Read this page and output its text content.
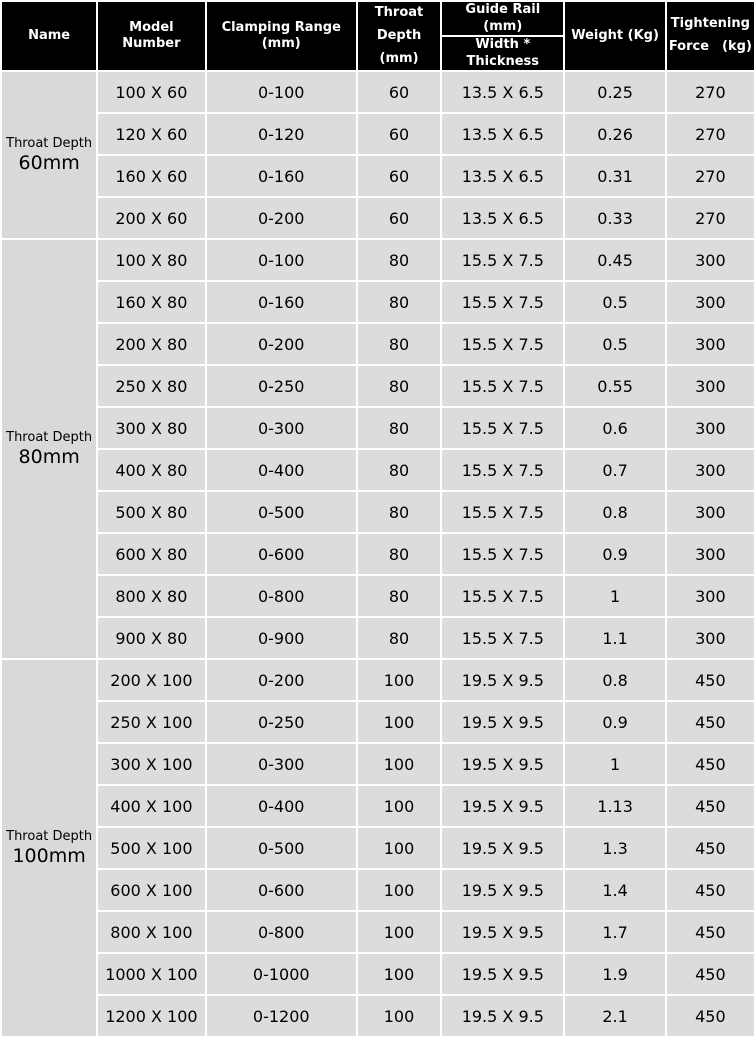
Name	Model Number	Clamping Range (mm)	Throat Depth (mm)	Guide Rail (mm)	Weight (Kg)	Tightening Force　(kg)
				Width * Thickness		

Throat Depth
60mm	100 X 60	0-100	60	13.5 X 6.5	0.25	270
	120 X 60	0-120	60	13.5 X 6.5	0.26	270
	160 X 60	0-160	60	13.5 X 6.5	0.31	270
	200 X 60	0-200	60	13.5 X 6.5	0.33	270

Throat Depth
80mm	100 X 80	0-100	80	15.5 X 7.5	0.45	300
	160 X 80	0-160	80	15.5 X 7.5	0.5	300
	200 X 80	0-200	80	15.5 X 7.5	0.5	300
	250 X 80	0-250	80	15.5 X 7.5	0.55	300
	300 X 80	0-300	80	15.5 X 7.5	0.6	300
	400 X 80	0-400	80	15.5 X 7.5	0.7	300
	500 X 80	0-500	80	15.5 X 7.5	0.8	300
	600 X 80	0-600	80	15.5 X 7.5	0.9	300
	800 X 80	0-800	80	15.5 X 7.5	1	300
	900 X 80	0-900	80	15.5 X 7.5	1.1	300

Throat Depth
100mm	200 X 100	0-200	100	19.5 X 9.5	0.8	450
	250 X 100	0-250	100	19.5 X 9.5	0.9	450
	300 X 100	0-300	100	19.5 X 9.5	1	450
	400 X 100	0-400	100	19.5 X 9.5	1.13	450
	500 X 100	0-500	100	19.5 X 9.5	1.3	450
	600 X 100	0-600	100	19.5 X 9.5	1.4	450
	800 X 100	0-800	100	19.5 X 9.5	1.7	450
	1000 X 100	0-1000	100	19.5 X 9.5	1.9	450
	1200 X 100	0-1200	100	19.5 X 9.5	2.1	450
